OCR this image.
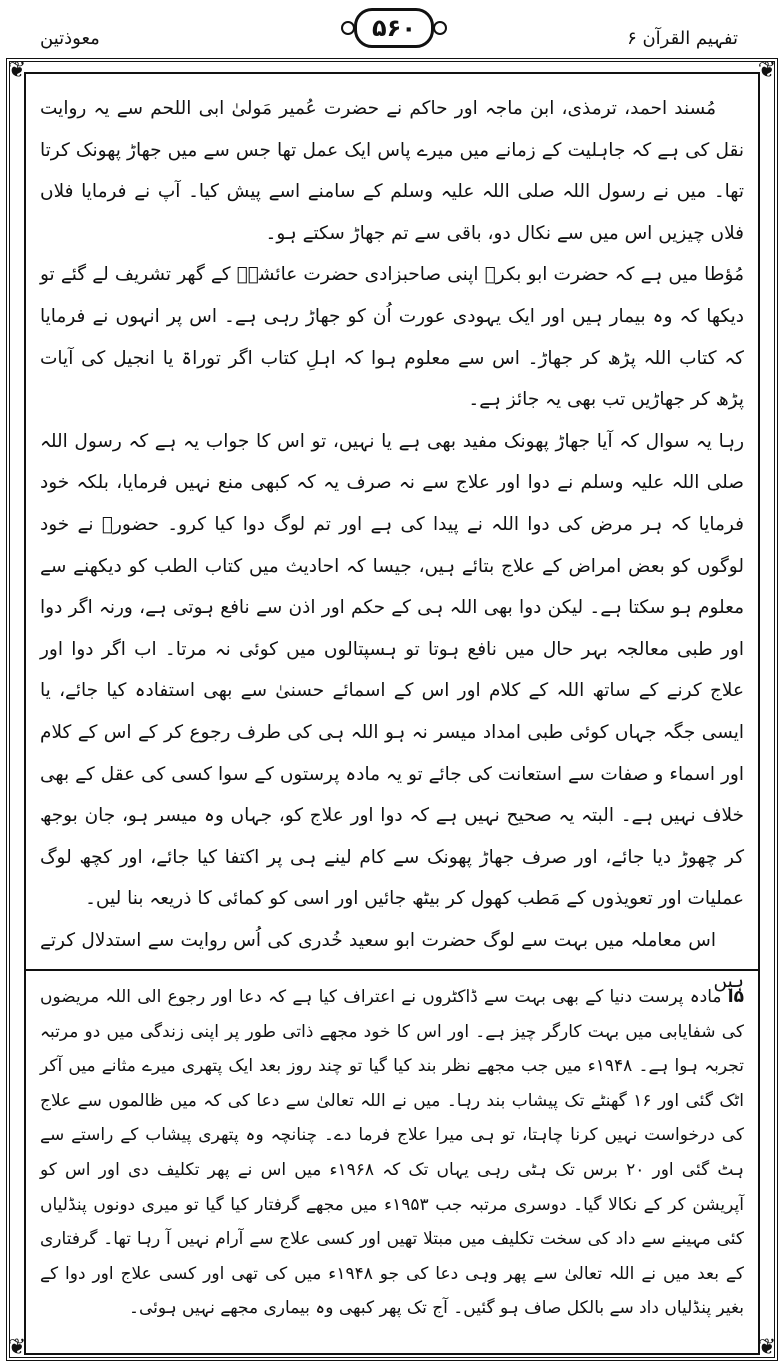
معوذتین	۵۶۰	تفہیم القرآن ۶
❦	❦
❦	❦

مُسند احمد، ترمذی، ابن ماجہ اور حاکم نے حضرت عُمیر مَولیٰ ابی اللحم سے یہ روایت نقل کی ہے کہ جاہلیت کے زمانے میں میرے پاس ایک عمل تھا جس سے میں جھاڑ پھونک کرتا تھا۔ میں نے رسول اللہ صلی اللہ علیہ وسلم کے سامنے اسے پیش کیا۔ آپ نے فرمایا فلاں فلاں چیزیں اس میں سے نکال دو، باقی سے تم جھاڑ سکتے ہو۔

مُؤطا میں ہے کہ حضرت ابو بکرؓ اپنی صاحبزادی حضرت عائشہؓ کے گھر تشریف لے گئے تو دیکھا کہ وہ بیمار ہیں اور ایک یہودی عورت اُن کو جھاڑ رہی ہے۔ اس پر انہوں نے فرمایا کہ کتاب اللہ پڑھ کر جھاڑ۔ اس سے معلوم ہوا کہ اہلِ کتاب اگر توراۃ یا انجیل کی آیات پڑھ کر جھاڑیں تب بھی یہ جائز ہے۔

رہا یہ سوال کہ آیا جھاڑ پھونک مفید بھی ہے یا نہیں، تو اس کا جواب یہ ہے کہ رسول اللہ صلی اللہ علیہ وسلم نے دوا اور علاج سے نہ صرف یہ کہ کبھی منع نہیں فرمایا، بلکہ خود فرمایا کہ ہر مرض کی دوا اللہ نے پیدا کی ہے اور تم لوگ دوا کیا کرو۔ حضورؐ نے خود لوگوں کو بعض امراض کے علاج بتائے ہیں، جیسا کہ احادیث میں کتاب الطب کو دیکھنے سے معلوم ہو سکتا ہے۔ لیکن دوا بھی اللہ ہی کے حکم اور اذن سے نافع ہوتی ہے، ورنہ اگر دوا اور طبی معالجہ بہر حال میں نافع ہوتا تو ہسپتالوں میں کوئی نہ مرتا۔ اب اگر دوا اور علاج کرنے کے ساتھ اللہ کے کلام اور اس کے اسمائے حسنیٰ سے بھی استفادہ کیا جائے، یا ایسی جگہ جہاں کوئی طبی امداد میسر نہ ہو اللہ ہی کی طرف رجوع کر کے اس کے کلام اور اسماء و صفات سے استعانت کی جائے تو یہ مادہ پرستوں کے سوا کسی کی عقل کے بھی خلاف نہیں ہے۔ البتہ یہ صحیح نہیں ہے کہ دوا اور علاج کو، جہاں وہ میسر ہو، جان بوجھ کر چھوڑ دیا جائے، اور صرف جھاڑ پھونک سے کام لینے ہی پر اکتفا کیا جائے، اور کچھ لوگ عملیات اور تعویذوں کے مَطب کھول کر بیٹھ جائیں اور اسی کو کمائی کا ذریعہ بنا لیں۔

اس معاملہ میں بہت سے لوگ حضرت ابو سعید خُدری کی اُس روایت سے استدلال کرتے ہیں

۵ا مادہ پرست دنیا کے بھی بہت سے ڈاکٹروں نے اعتراف کیا ہے کہ دعا اور رجوع الی اللہ مریضوں کی شفایابی میں بہت کارگر چیز ہے۔ اور اس کا خود مجھے ذاتی طور پر اپنی زندگی میں دو مرتبہ تجربہ ہوا ہے۔ ۱۹۴۸ء میں جب مجھے نظر بند کیا گیا تو چند روز بعد ایک پتھری میرے مثانے میں آکر اٹک گئی اور ۱۶ گھنٹے تک پیشاب بند رہا۔ میں نے اللہ تعالیٰ سے دعا کی کہ میں ظالموں سے علاج کی درخواست نہیں کرنا چاہتا، تو ہی میرا علاج فرما دے۔ چنانچہ وہ پتھری پیشاب کے راستے سے ہٹ گئی اور ۲۰ برس تک ہٹی رہی یہاں تک کہ ۱۹۶۸ء میں اس نے پھر تکلیف دی اور اس کو آپریشن کر کے نکالا گیا۔ دوسری مرتبہ جب ۱۹۵۳ء میں مجھے گرفتار کیا گیا تو میری دونوں پنڈلیاں کئی مہینے سے داد کی سخت تکلیف میں مبتلا تھیں اور کسی علاج سے آرام نہیں آ رہا تھا۔ گرفتاری کے بعد میں نے اللہ تعالیٰ سے پھر وہی دعا کی جو ۱۹۴۸ء میں کی تھی اور کسی علاج اور دوا کے بغیر پنڈلیاں داد سے بالکل صاف ہو گئیں۔ آج تک پھر کبھی وہ بیماری مجھے نہیں ہوئی۔
